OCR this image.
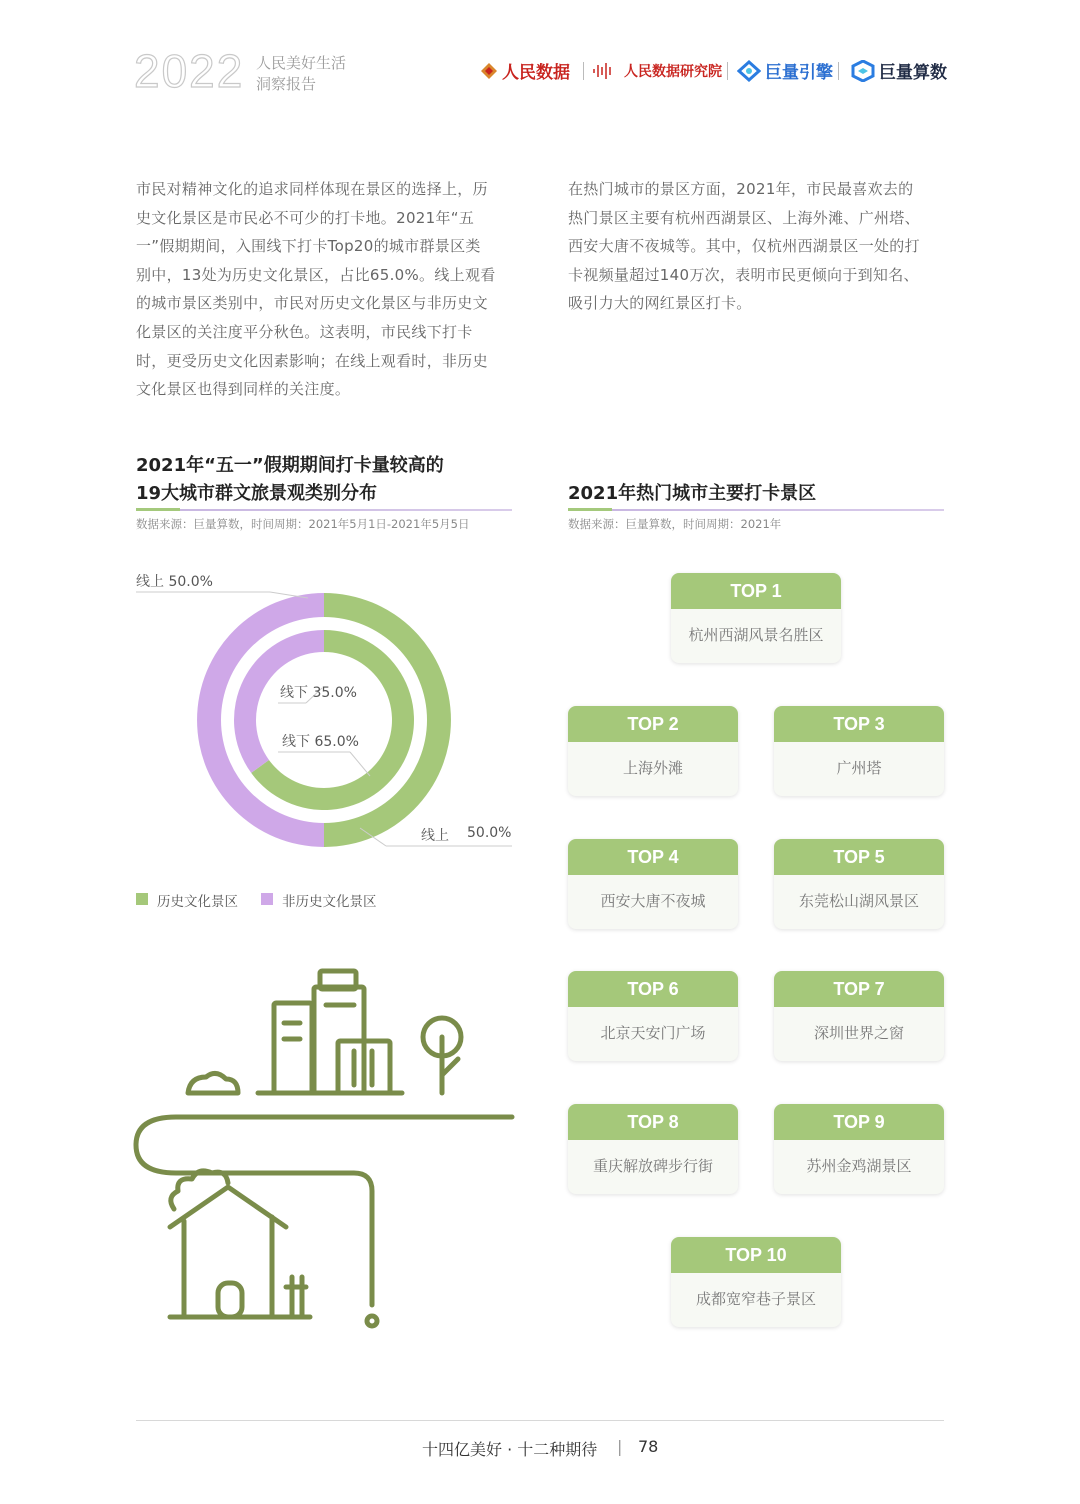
2022 人民美好生活
洞察报告
人民数据	人民数据研究院	巨量引擎	巨量算数
市民对精神文化的追求同样体现在景区的选择上，历
史文化景区是市民必不可少的打卡地。2021年“五
一”假期期间，入围线下打卡Top20的城市群景区类
别中，13处为历史文化景区，占比65.0%。线上观看
的城市景区类别中，市民对历史文化景区与非历史文
化景区的关注度平分秋色。这表明，市民线下打卡
时，更受历史文化因素影响；在线上观看时，非历史
文化景区也得到同样的关注度。
在热门城市的景区方面，2021年，市民最喜欢去的
热门景区主要有杭州西湖景区、上海外滩、广州塔、
西安大唐不夜城等。其中，仅杭州西湖景区一处的打
卡视频量超过140万次，表明市民更倾向于到知名、
吸引力大的网红景区打卡。
2021年“五一”假期期间打卡量较高的
19大城市群文旅景观类别分布
数据来源：巨量算数，时间周期：2021年5月1日-2021年5月5日
2021年热门城市主要打卡景区
数据来源：巨量算数，时间周期：2021年
线上 50.0%
线下 35.0%
线下 65.0%
线上 50.0%
历史文化景区	非历史文化景区
TOP 1
杭州西湖风景名胜区
TOP 2
上海外滩
TOP 3
广州塔
TOP 4
西安大唐不夜城
TOP 5
东莞松山湖风景区
TOP 6
北京天安门广场
TOP 7
深圳世界之窗
TOP 8
重庆解放碑步行街
TOP 9
苏州金鸡湖景区
TOP 10
成都宽窄巷子景区
十四亿美好 · 十二种期待 | 78
